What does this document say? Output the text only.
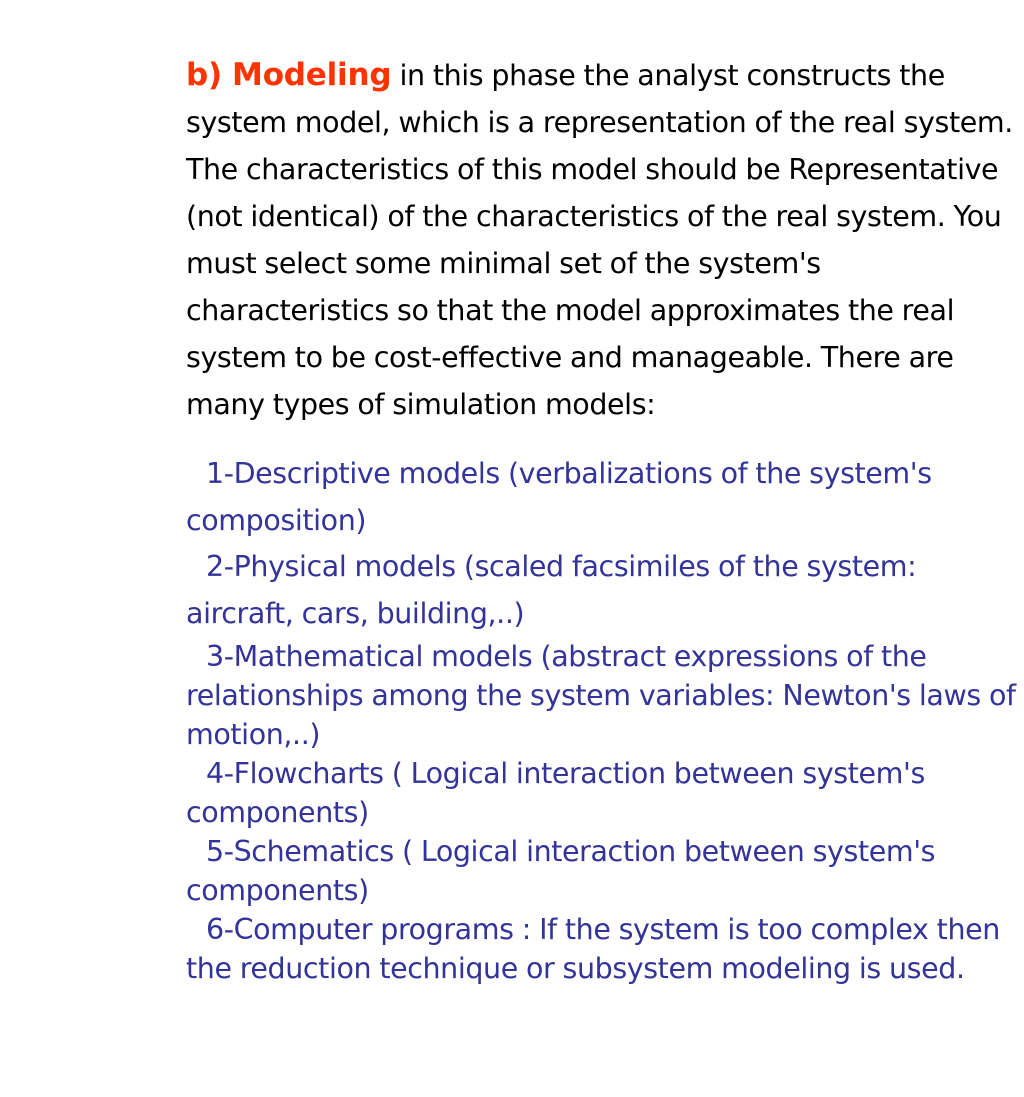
b) Modeling in this phase the analyst constructs the system model, which is a representation of the real system. The characteristics of this model should be Representative (not identical) of the characteristics of the real system. You must select some minimal set of the system's characteristics so that the model approximates the real system to be cost-effective and manageable. There are many types of simulation models:

1-Descriptive models (verbalizations of the system's composition)

2-Physical models (scaled facsimiles of the system: aircraft, cars, building,..)

3-Mathematical models (abstract expressions of the relationships among the system variables: Newton's laws of motion,..)

4-Flowcharts ( Logical interaction between system's components)

5-Schematics ( Logical interaction between system's components)

6-Computer programs : If the system is too complex then the reduction technique or subsystem modeling is used.
